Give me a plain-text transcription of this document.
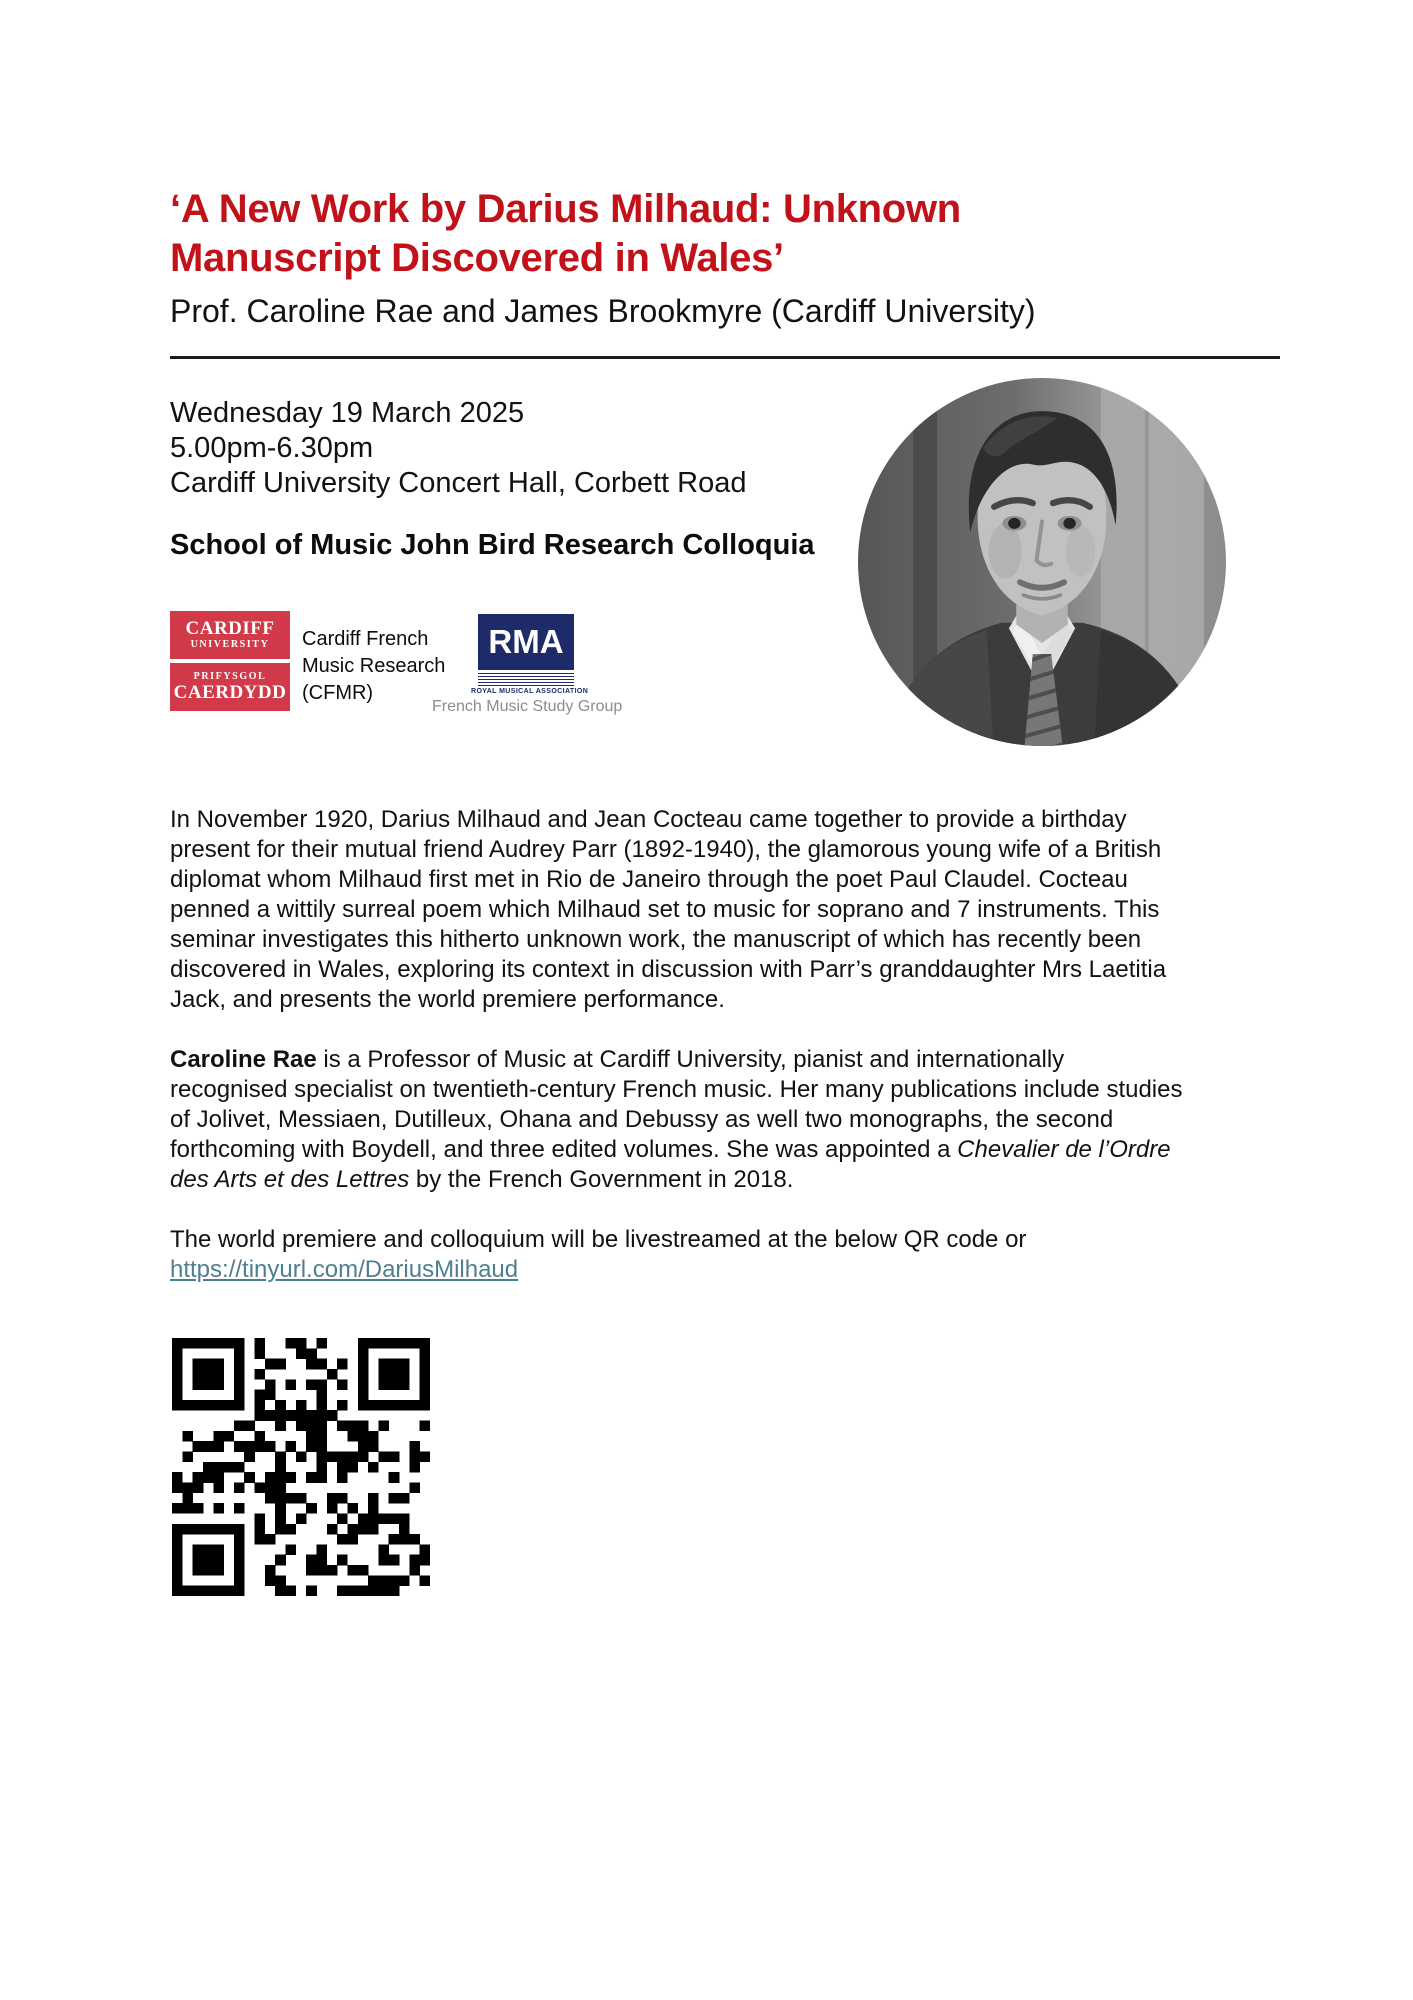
‘A New Work by Darius Milhaud: Unknown Manuscript Discovered in Wales’
Prof. Caroline Rae and James Brookmyre (Cardiff University)
Wednesday 19 March 2025
5.00pm-6.30pm
Cardiff University Concert Hall, Corbett Road
School of Music John Bird Research Colloquia
CARDIFF
UNIVERSITY
PRIFYSGOL
CAERDYDD
Cardiff French Music Research (CFMR)
RMA
ROYAL MUSICAL ASSOCIATION
French Music Study Group

In November 1920, Darius Milhaud and Jean Cocteau came together to provide a birthday present for their mutual friend Audrey Parr (1892-1940), the glamorous young wife of a British diplomat whom Milhaud first met in Rio de Janeiro through the poet Paul Claudel. Cocteau penned a wittily surreal poem which Milhaud set to music for soprano and 7 instruments. This seminar investigates this hitherto unknown work, the manuscript of which has recently been discovered in Wales, exploring its context in discussion with Parr’s granddaughter Mrs Laetitia Jack, and presents the world premiere performance.

Caroline Rae is a Professor of Music at Cardiff University, pianist and internationally recognised specialist on twentieth-century French music. Her many publications include studies of Jolivet, Messiaen, Dutilleux, Ohana and Debussy as well two monographs, the second forthcoming with Boydell, and three edited volumes. She was appointed a Chevalier de l’Ordre des Arts et des Lettres by the French Government in 2018.

The world premiere and colloquium will be livestreamed at the below QR code or
https://tinyurl.com/DariusMilhaud
